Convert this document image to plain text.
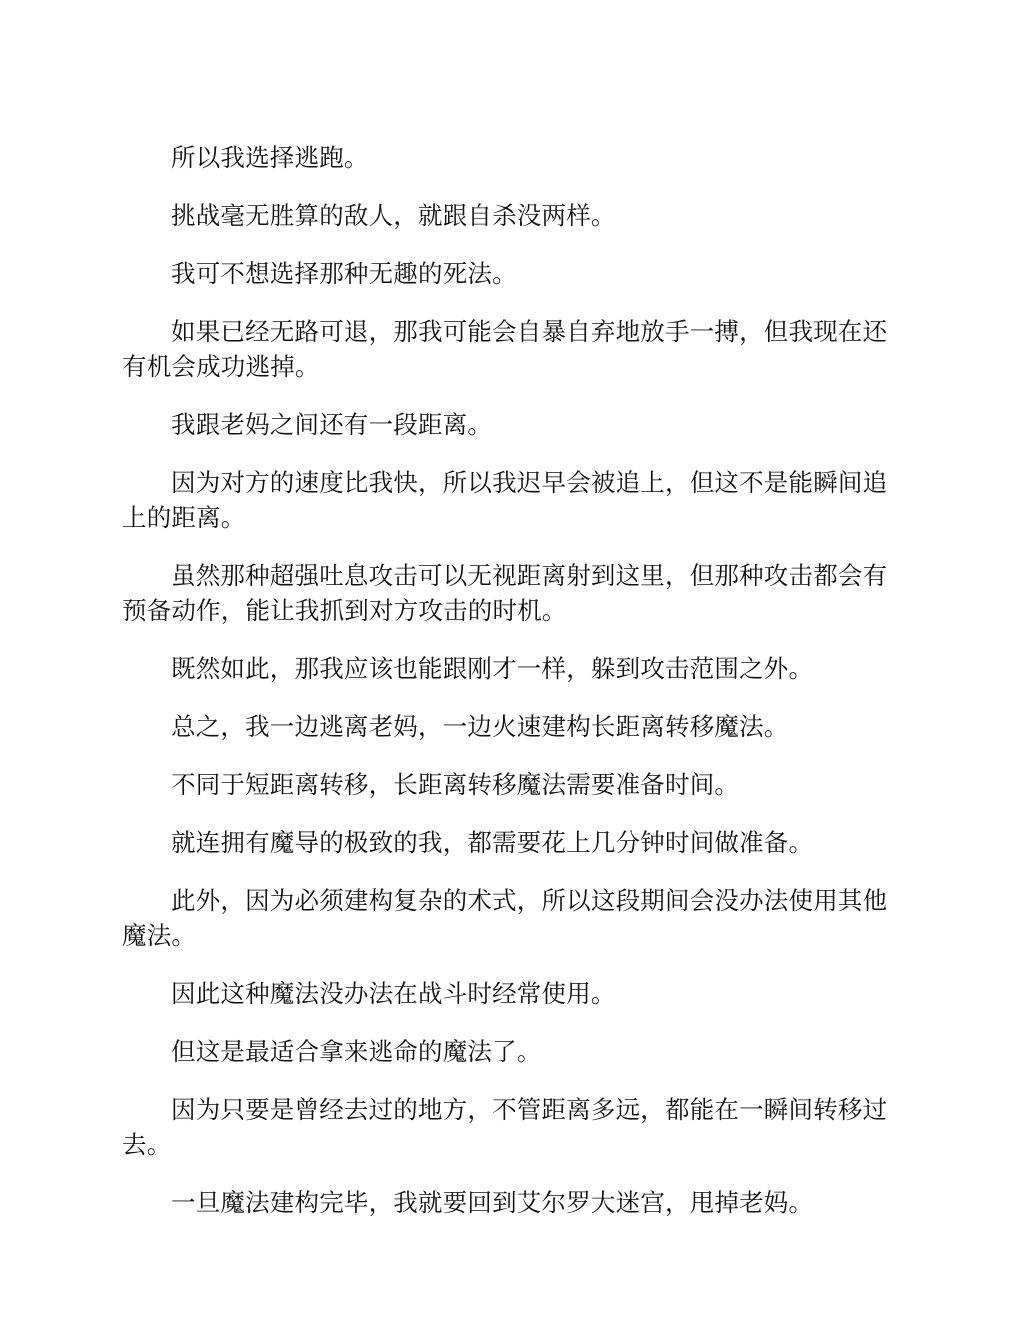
所以我选择逃跑。

挑战毫无胜算的敌人，就跟自杀没两样。

我可不想选择那种无趣的死法。

如果已经无路可退，那我可能会自暴自弃地放手一搏，但我现在还有机会成功逃掉。

我跟老妈之间还有一段距离。

因为对方的速度比我快，所以我迟早会被追上，但这不是能瞬间追上的距离。

虽然那种超强吐息攻击可以无视距离射到这里，但那种攻击都会有预备动作，能让我抓到对方攻击的时机。

既然如此，那我应该也能跟刚才一样，躲到攻击范围之外。

总之，我一边逃离老妈，一边火速建构长距离转移魔法。

不同于短距离转移，长距离转移魔法需要准备时间。

就连拥有魔导的极致的我，都需要花上几分钟时间做准备。

此外，因为必须建构复杂的术式，所以这段期间会没办法使用其他魔法。

因此这种魔法没办法在战斗时经常使用。

但这是最适合拿来逃命的魔法了。

因为只要是曾经去过的地方，不管距离多远，都能在一瞬间转移过去。

一旦魔法建构完毕，我就要回到艾尔罗大迷宫，甩掉老妈。
